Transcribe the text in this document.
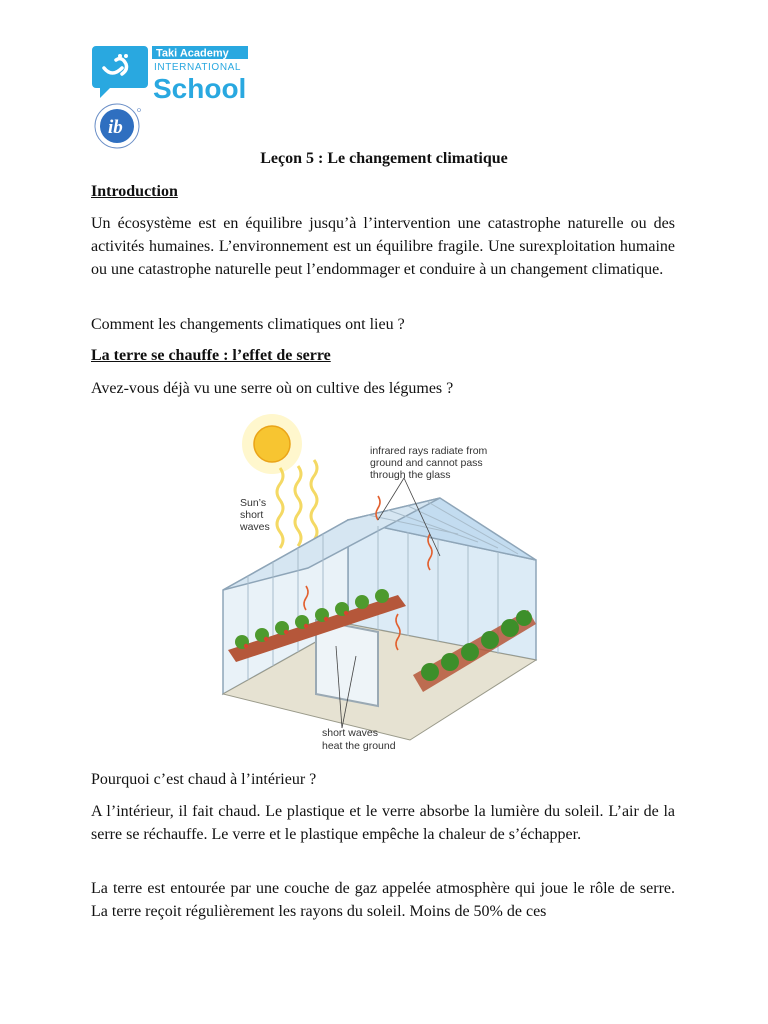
Taki Academy
INTERNATIONAL
School
ib
Leçon 5 : Le changement climatique
Introduction
Un écosystème est en équilibre jusqu’à l’intervention une catastrophe naturelle ou des activités humaines. L’environnement est un équilibre fragile. Une surexploitation humaine ou une catastrophe naturelle peut l’endommager et conduire à un changement climatique.
Comment les changements climatiques ont lieu ?
La terre se chauffe : l’effet de serre
Avez-vous déjà vu une serre où on cultive des légumes ?
Sun’s
short
waves
infrared rays radiate from
ground and cannot pass
through the glass
short waves
heat the ground
Pourquoi c’est chaud à l’intérieur ?
A l’intérieur, il fait chaud. Le plastique et le verre absorbe la lumière du soleil. L’air de la serre se réchauffe. Le verre et le plastique empêche la chaleur de s’échapper.
La terre est entourée par une couche de gaz appelée atmosphère qui joue le rôle de serre. La terre reçoit régulièrement les rayons du soleil. Moins de 50% de ces
